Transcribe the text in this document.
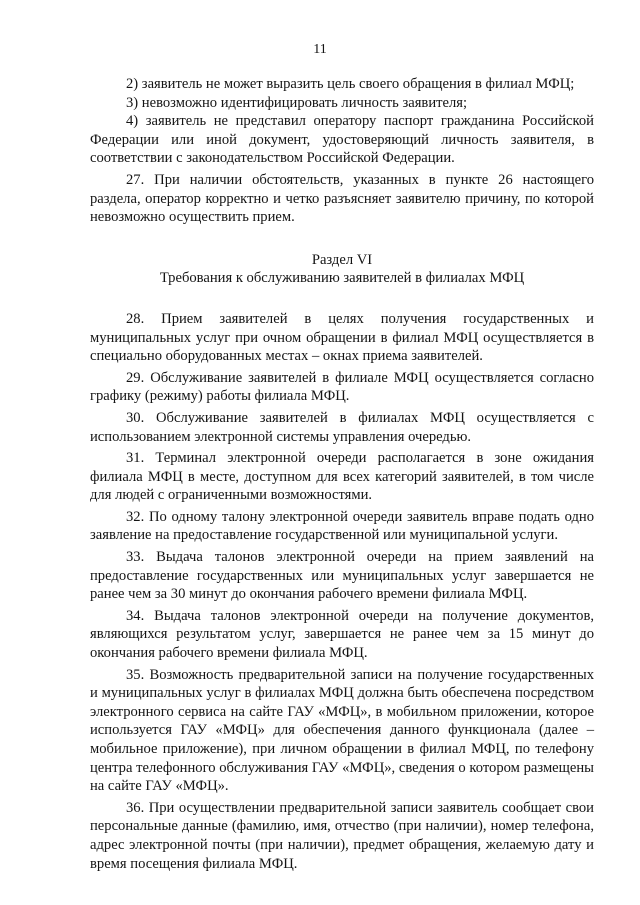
11

2) заявитель не может выразить цель своего обращения в филиал МФЦ;

3) невозможно идентифицировать личность заявителя;

4) заявитель не представил оператору паспорт гражданина Российской Федерации или иной документ, удостоверяющий личность заявителя, в соответствии с законодательством Российской Федерации.

27. При наличии обстоятельств, указанных в пункте 26 настоящего раздела, оператор корректно и четко разъясняет заявителю причину, по которой невозможно осуществить прием.

Раздел VI
Требования к обслуживанию заявителей в филиалах МФЦ

28. Прием заявителей в целях получения государственных и муниципальных услуг при очном обращении в филиал МФЦ осуществляется в специально оборудованных местах – окнах приема заявителей.

29. Обслуживание заявителей в филиале МФЦ осуществляется согласно графику (режиму) работы филиала МФЦ.

30. Обслуживание заявителей в филиалах МФЦ осуществляется с использованием электронной системы управления очередью.

31. Терминал электронной очереди располагается в зоне ожидания филиала МФЦ в месте, доступном для всех категорий заявителей, в том числе для людей с ограниченными возможностями.

32. По одному талону электронной очереди заявитель вправе подать одно заявление на предоставление государственной или муниципальной услуги.

33. Выдача талонов электронной очереди на прием заявлений на предоставление государственных или муниципальных услуг завершается не ранее чем за 30 минут до окончания рабочего времени филиала МФЦ.

34. Выдача талонов электронной очереди на получение документов, являющихся результатом услуг, завершается не ранее чем за 15 минут до окончания рабочего времени филиала МФЦ.

35. Возможность предварительной записи на получение государственных и муниципальных услуг в филиалах МФЦ должна быть обеспечена посредством электронного сервиса на сайте ГАУ «МФЦ», в мобильном приложении, которое используется ГАУ «МФЦ» для обеспечения данного функционала (далее – мобильное приложение), при личном обращении в филиал МФЦ, по телефону центра телефонного обслуживания ГАУ «МФЦ», сведения о котором размещены на сайте ГАУ «МФЦ».

36. При осуществлении предварительной записи заявитель сообщает свои персональные данные (фамилию, имя, отчество (при наличии), номер телефона, адрес электронной почты (при наличии), предмет обращения, желаемую дату и время посещения филиала МФЦ.
